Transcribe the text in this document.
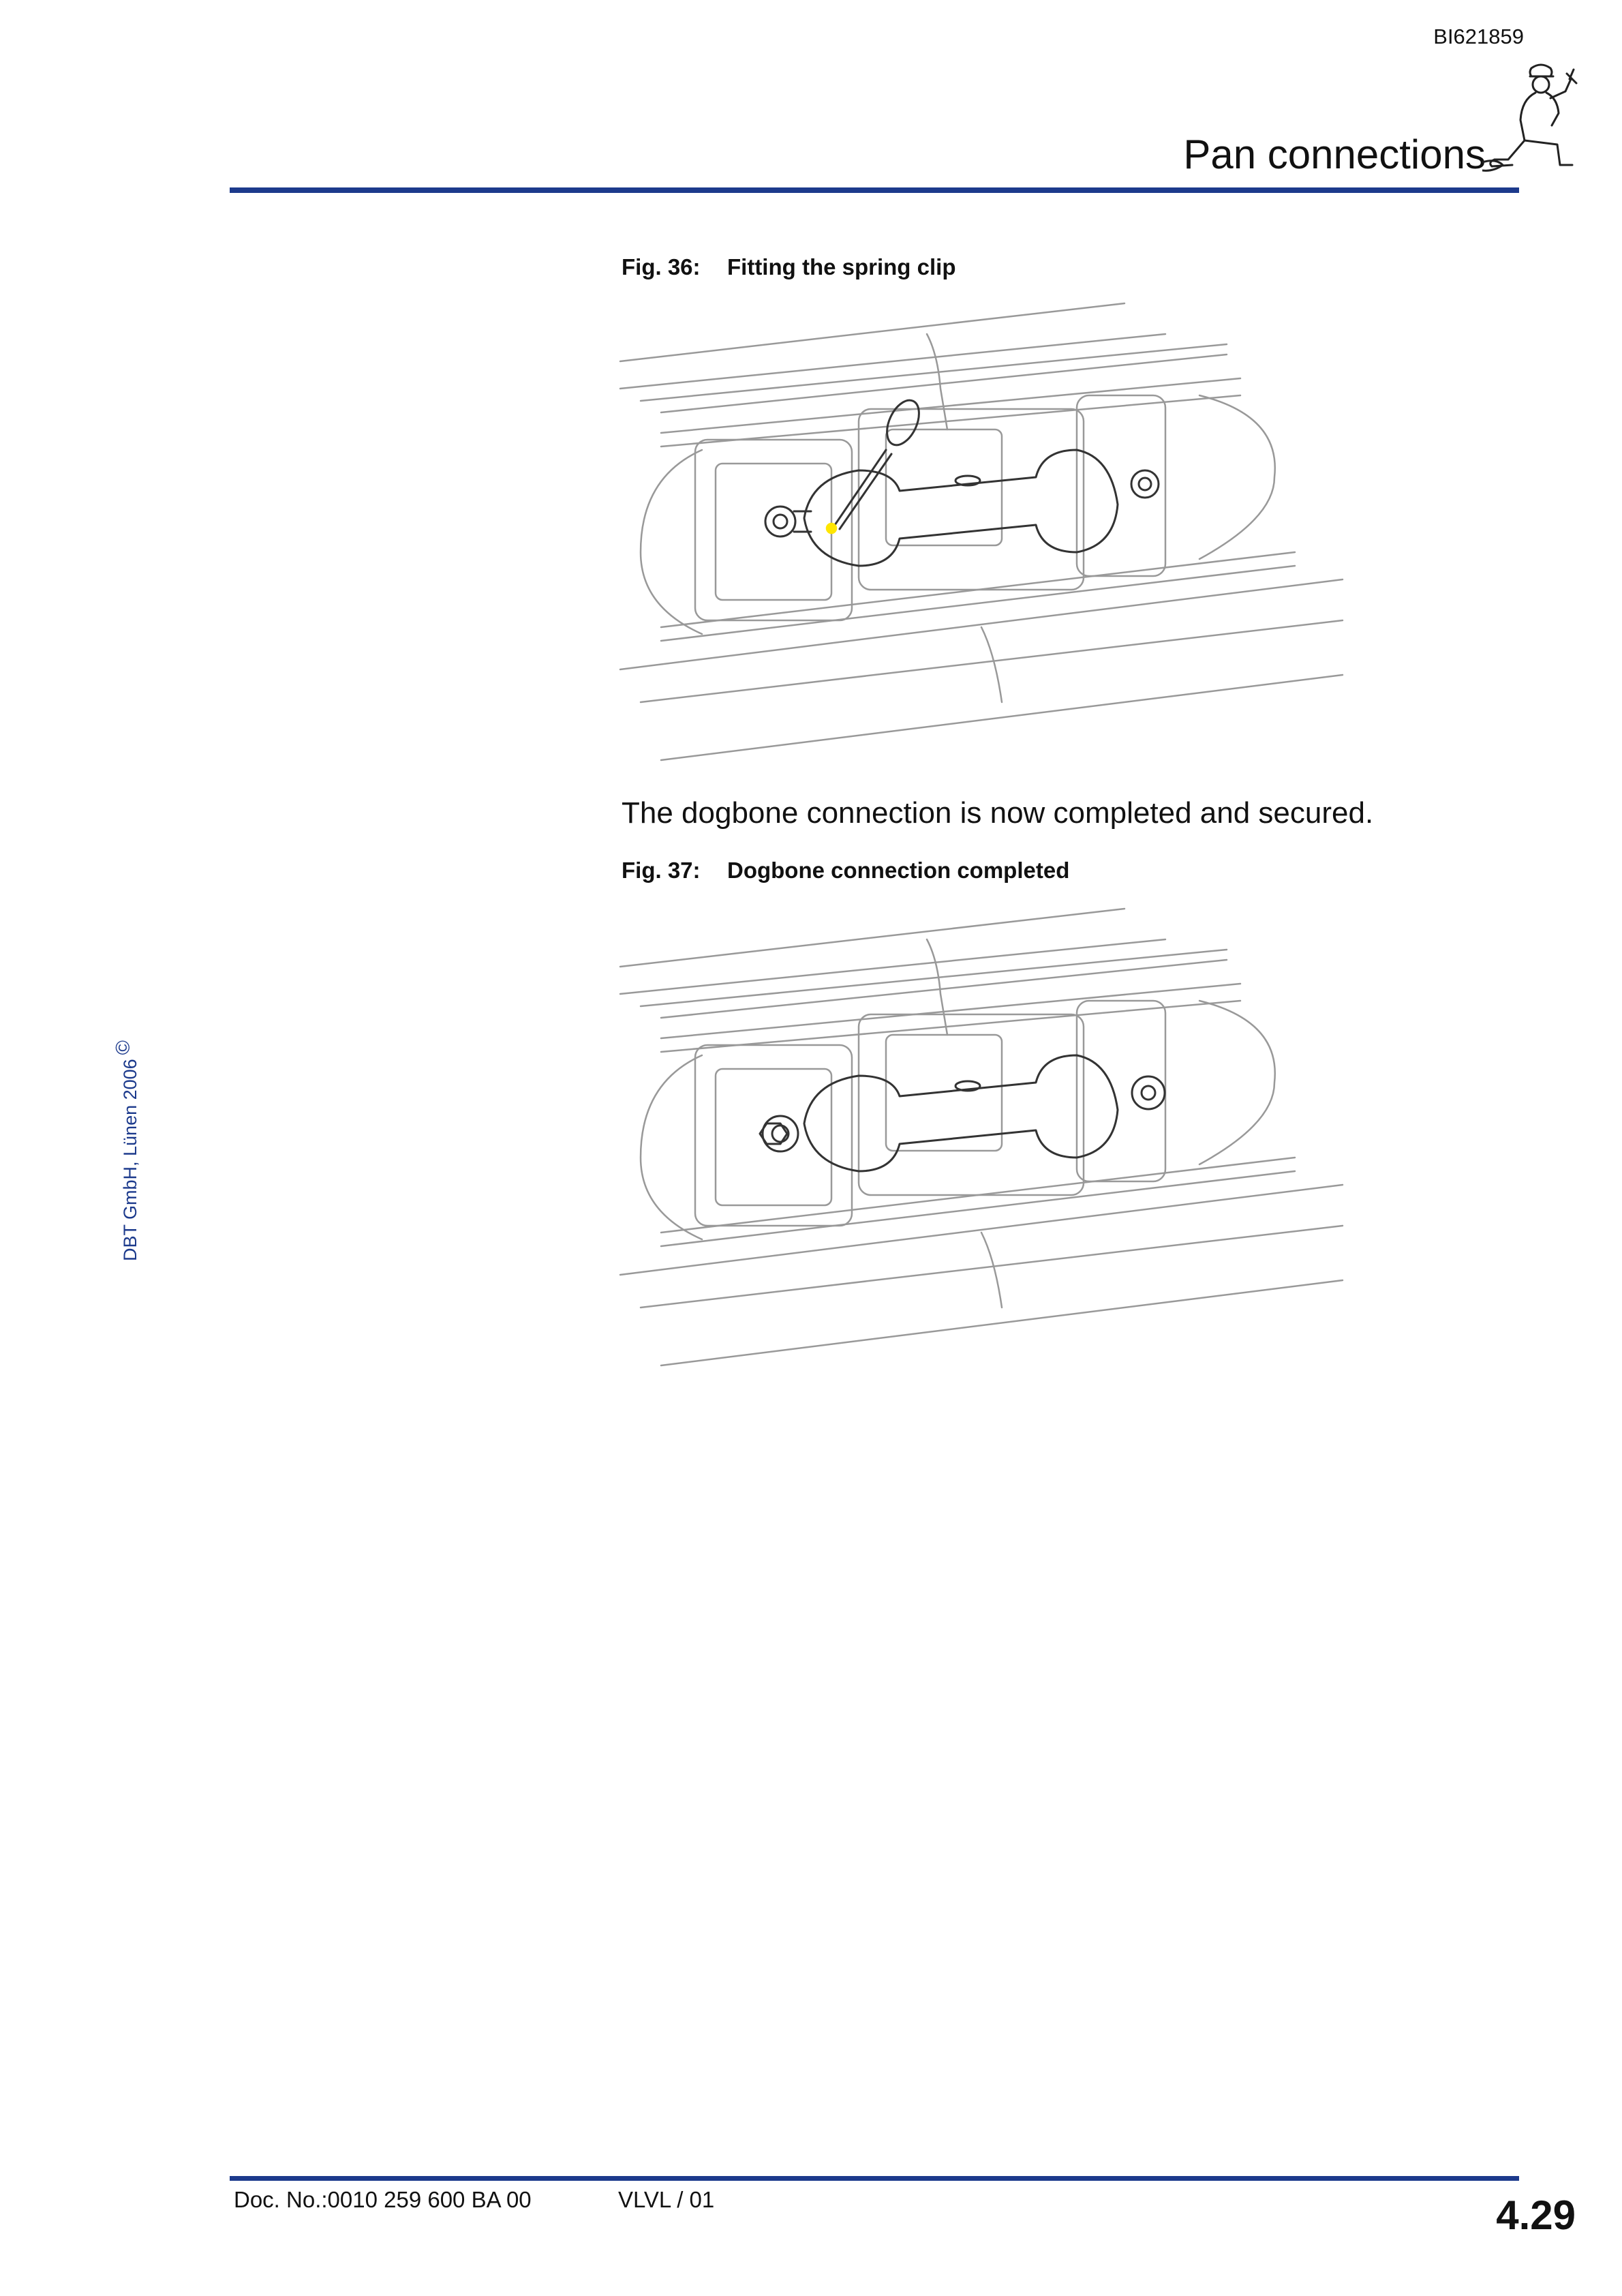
BI621859
Pan connections
Fig. 36: Fitting the spring clip
The dogbone connection is now completed and secured.
Fig. 37: Dogbone connection completed
DBT GmbH, Lünen 2006©
Doc. No.:0010 259 600 BA 00	VLVL / 01	4.29
